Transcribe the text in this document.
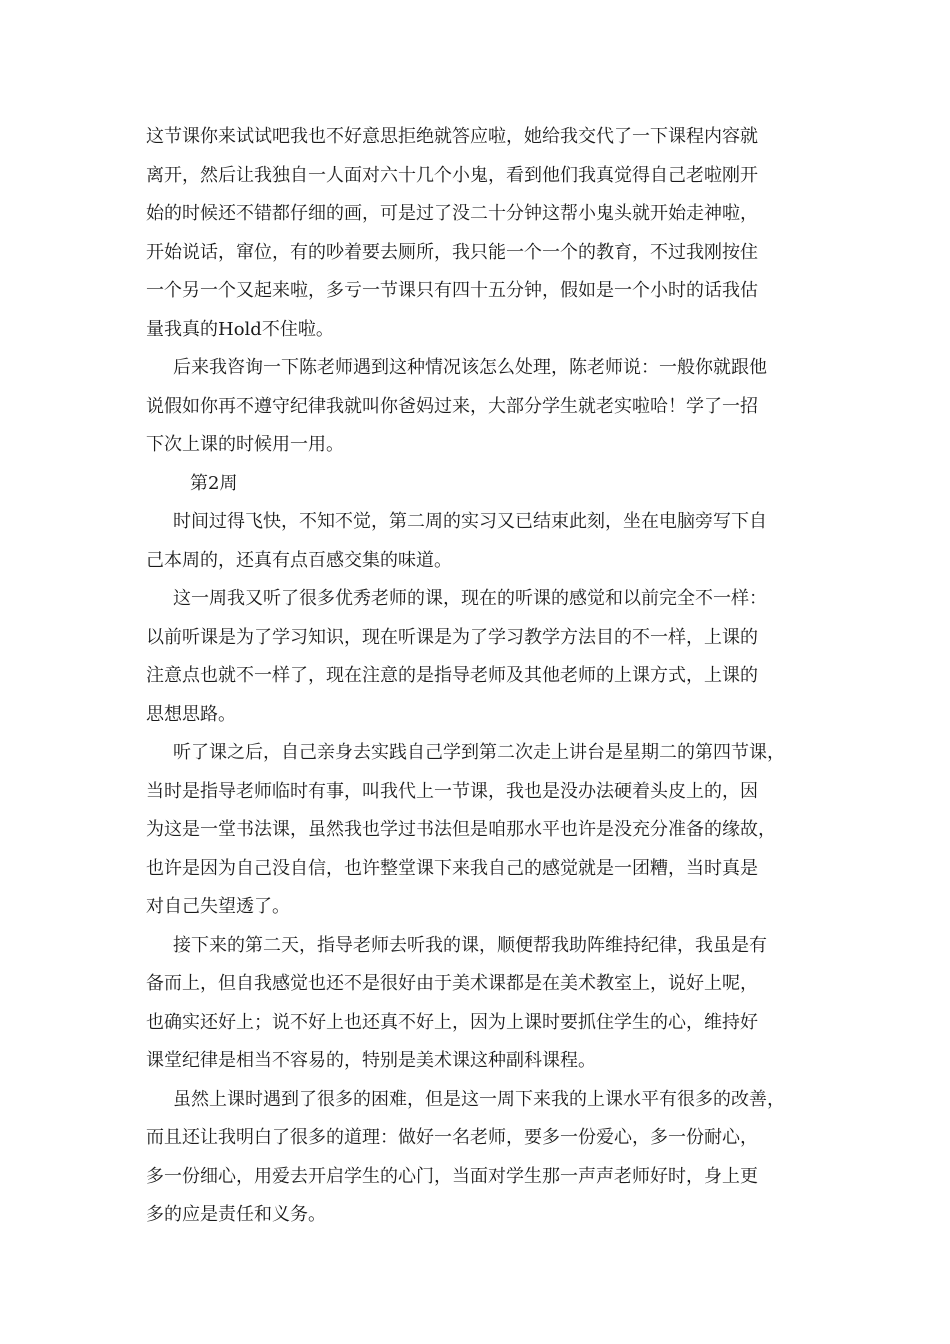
这节课你来试试吧我也不好意思拒绝就答应啦，她给我交代了一下课程内容就
离开，然后让我独自一人面对六十几个小鬼，看到他们我真觉得自己老啦刚开
始的时候还不错都仔细的画，可是过了没二十分钟这帮小鬼头就开始走神啦，
开始说话，窜位，有的吵着要去厕所，我只能一个一个的教育，不过我刚按住
一个另一个又起来啦，多亏一节课只有四十五分钟，假如是一个小时的话我估
量我真的Hold不住啦。
后来我咨询一下陈老师遇到这种情况该怎么处理，陈老师说：一般你就跟他
说假如你再不遵守纪律我就叫你爸妈过来，大部分学生就老实啦哈！学了一招
下次上课的时候用一用。
第2周
时间过得飞快，不知不觉，第二周的实习又已结束此刻，坐在电脑旁写下自
己本周的，还真有点百感交集的味道。
这一周我又听了很多优秀老师的课，现在的听课的感觉和以前完全不一样：
以前听课是为了学习知识，现在听课是为了学习教学方法目的不一样，上课的
注意点也就不一样了，现在注意的是指导老师及其他老师的上课方式，上课的
思想思路。
听了课之后，自己亲身去实践自己学到第二次走上讲台是星期二的第四节课，
当时是指导老师临时有事，叫我代上一节课，我也是没办法硬着头皮上的，因
为这是一堂书法课，虽然我也学过书法但是咱那水平也许是没充分准备的缘故，
也许是因为自己没自信，也许整堂课下来我自己的感觉就是一团糟，当时真是
对自己失望透了。
接下来的第二天，指导老师去听我的课，顺便帮我助阵维持纪律，我虽是有
备而上，但自我感觉也还不是很好由于美术课都是在美术教室上，说好上呢，
也确实还好上；说不好上也还真不好上，因为上课时要抓住学生的心，维持好
课堂纪律是相当不容易的，特别是美术课这种副科课程。
虽然上课时遇到了很多的困难，但是这一周下来我的上课水平有很多的改善，
而且还让我明白了很多的道理：做好一名老师，要多一份爱心，多一份耐心，
多一份细心，用爱去开启学生的心门，当面对学生那一声声老师好时，身上更
多的应是责任和义务。
